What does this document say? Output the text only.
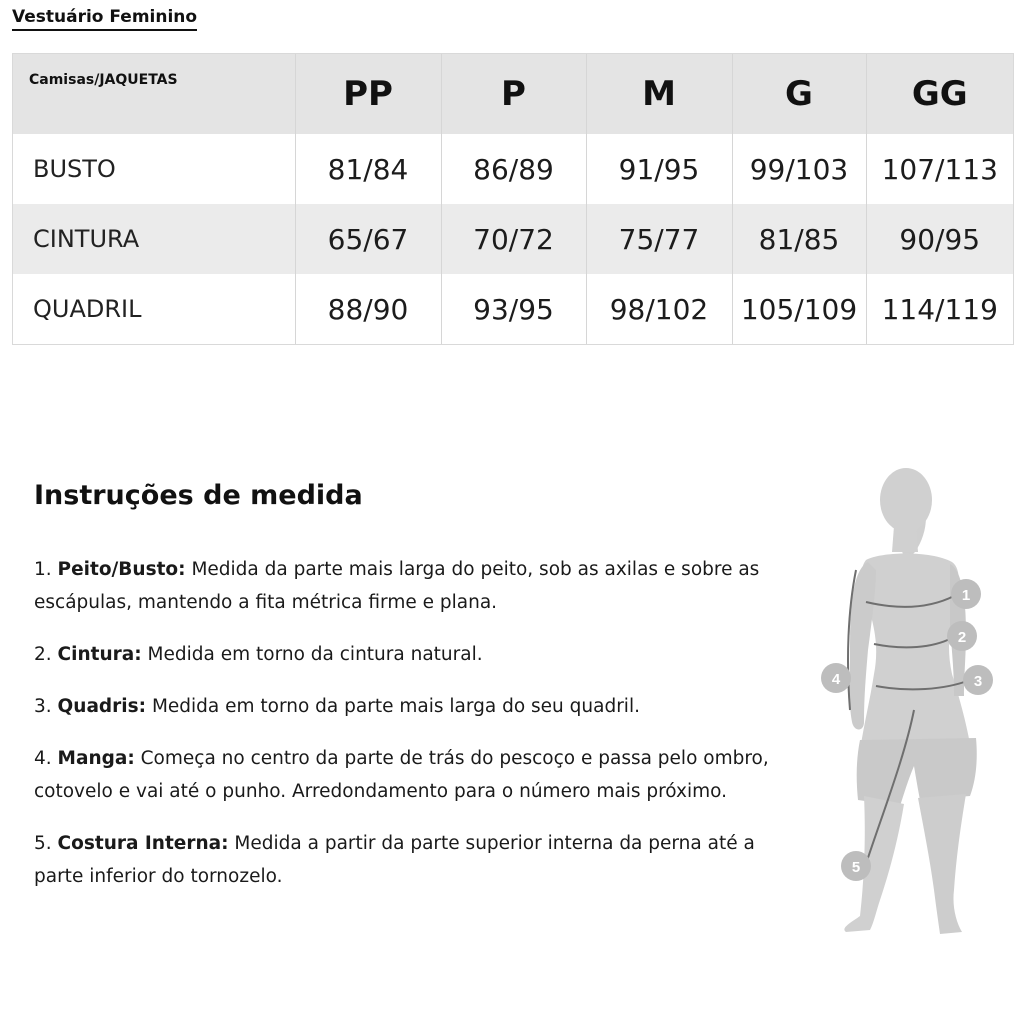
Vestuário Feminino
Camisas/JAQUETAS	PP	P	M	G	GG
BUSTO	81/84	86/89	91/95	99/103	107/113
CINTURA	65/67	70/72	75/77	81/85	90/95
QUADRIL	88/90	93/95	98/102	105/109	114/119
Instruções de medida
1. Peito/Busto: Medida da parte mais larga do peito, sob as axilas e sobre as escápulas, mantendo a fita métrica firme e plana.
2. Cintura: Medida em torno da cintura natural.
3. Quadris: Medida em torno da parte mais larga do seu quadril.
4. Manga: Começa no centro da parte de trás do pescoço e passa pelo ombro, cotovelo e vai até o punho. Arredondamento para o número mais próximo.
5. Costura Interna: Medida a partir da parte superior interna da perna até a parte inferior do tornozelo.
1
2
3
4
5
